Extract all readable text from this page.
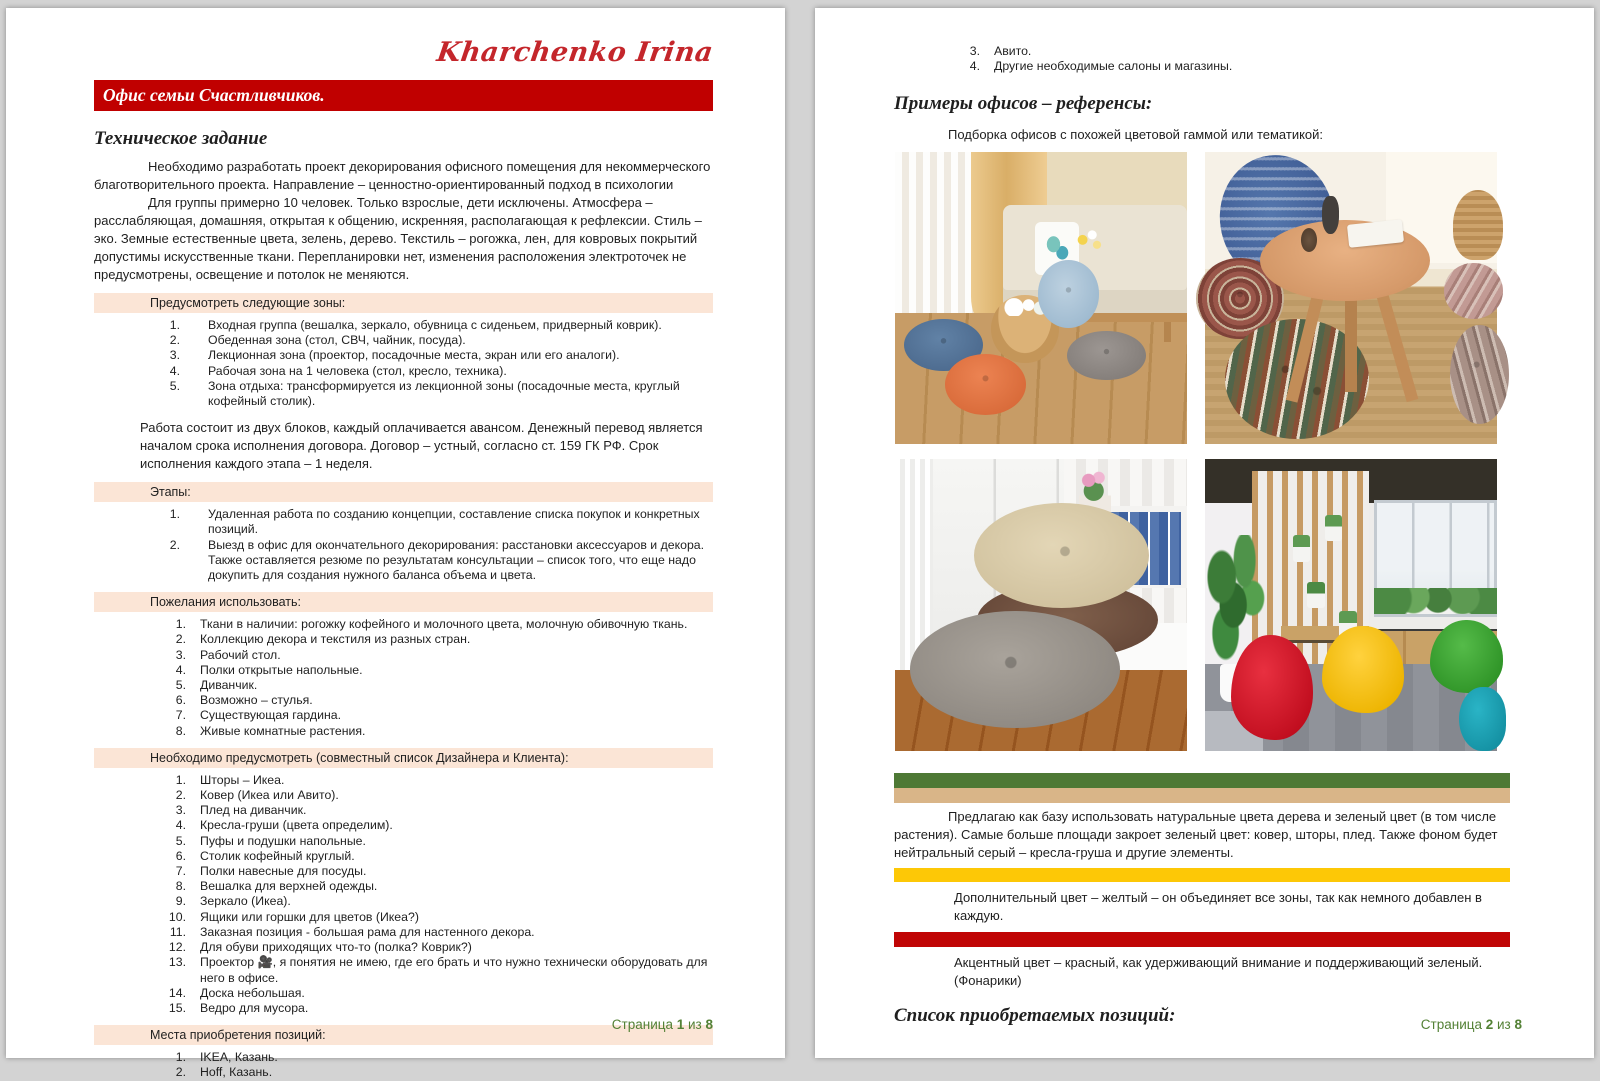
Kharchenko Irina
Офис семьи Счастливчиков.
Техническое задание

Необходимо разработать проект декорирования офисного помещения для некоммерческого благотворительного проекта. Направление – ценностно-ориентированный подход в психологии

Для группы примерно 10 человек. Только взрослые, дети исключены. Атмосфера – расслабляющая, домашняя, открытая к общению, искренняя, располагающая к рефлексии. Стиль – эко. Земные естественные цвета, зелень, дерево. Текстиль – рогожка, лен, для ковровых покрытий допустимы искусственные ткани. Перепланировки нет, изменения расположения электроточек не предусмотрены, освещение и потолок не меняются.

Предусмотреть следующие зоны:
Входная группа (вешалка, зеркало, обувница с сиденьем, придверный коврик).
Обеденная зона (стол, СВЧ, чайник, посуда).
Лекционная зона (проектор, посадочные места, экран или его аналоги).
Рабочая зона на 1 человека (стол, кресло, техника).
Зона отдыха: трансформируется из лекционной зоны (посадочные места, круглый кофейный столик).

Работа состоит из двух блоков, каждый оплачивается авансом. Денежный перевод является началом срока исполнения договора. Договор – устный, согласно ст. 159 ГК РФ. Срок исполнения каждого этапа – 1 неделя.

Этапы:
Удаленная работа по созданию концепции, составление списка покупок и конкретных позиций.
Выезд в офис для окончательного декорирования: расстановки аксессуаров и декора. Также оставляется резюме по результатам консультации – список того, что еще надо докупить для создания нужного баланса объема и цвета.
Пожелания использовать:
Ткани в наличии: рогожку кофейного и молочного цвета, молочную обивочную ткань.
Коллекцию декора и текстиля из разных стран.
Рабочий стол.
Полки открытые напольные.
Диванчик.
Возможно – стулья.
Существующая гардина.
Живые комнатные растения.
Необходимо предусмотреть (совместный список Дизайнера и Клиента):
Шторы – Икеа.
Ковер (Икеа или Авито).
Плед на диванчик.
Кресла-груши (цвета определим).
Пуфы и подушки напольные.
Столик кофейный круглый.
Полки навесные для посуды.
Вешалка для верхней одежды.
Зеркало (Икеа).
Ящики или горшки для цветов (Икеа?)
Заказная позиция - большая рама для настенного декора.
Для обуви приходящих что-то (полка? Коврик?)
Проектор 🎥, я понятия не имею, где его брать и что нужно технически оборудовать для него в офисе.
Доска небольшая.
Ведро для мусора.
Места приобретения позиций:
IKEA, Казань.
Hoff, Казань.
Страница 1 из 8
Авито.
Другие необходимые салоны и магазины.
Примеры офисов – референсы:

Подборка офисов с похожей цветовой гаммой или тематикой:

Предлагаю как базу использовать натуральные цвета дерева и зеленый цвет (в том числе растения). Самые больше площади закроет зеленый цвет: ковер, шторы, плед. Также фоном будет нейтральный серый – кресла-груша и другие элементы.

Дополнительный цвет – желтый – он объединяет все зоны, так как немного добавлен в каждую.

Акцентный цвет – красный, как удерживающий внимание и поддерживающий зеленый. (Фонарики)

Список приобретаемых позиций:	Страница 2 из 8
